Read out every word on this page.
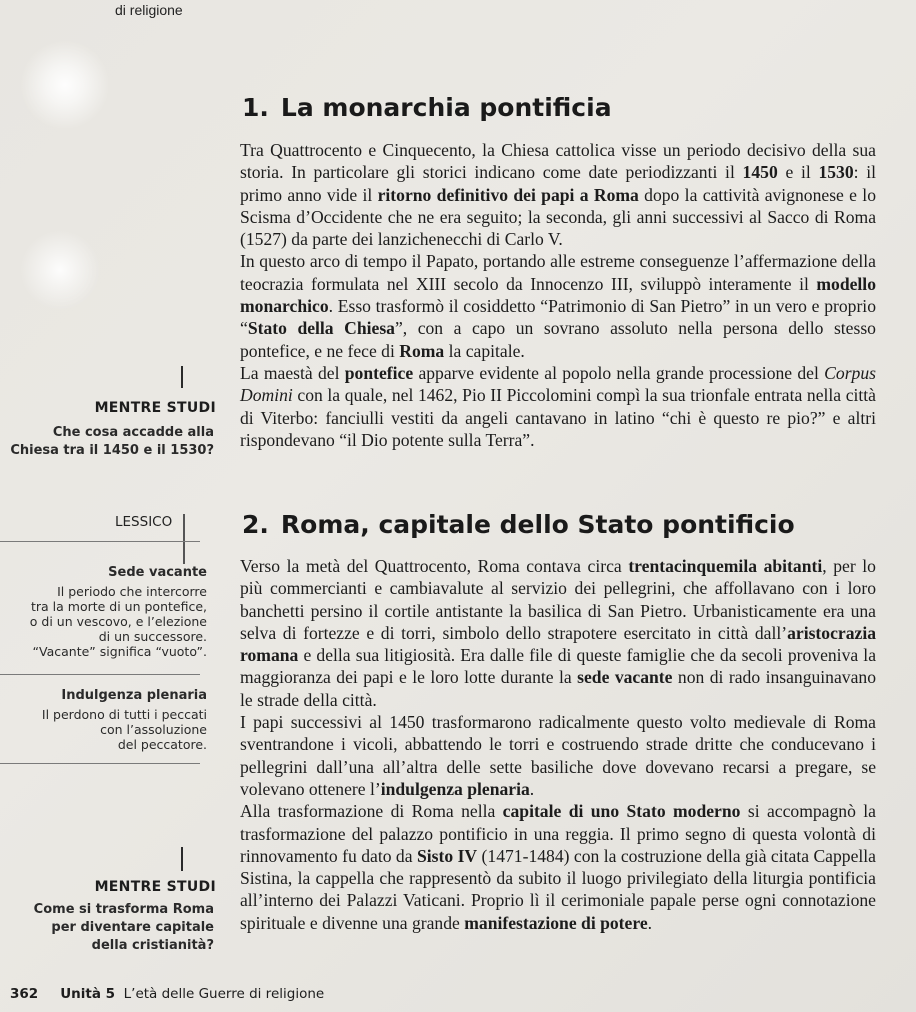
di religione
1. La monarchia pontificia

Tra Quattrocento e Cinquecento, la Chiesa cattolica visse un periodo decisivo della sua storia. In particolare gli storici indicano come date periodizzanti il 1450 e il 1530: il primo anno vide il ritorno definitivo dei papi a Roma dopo la cattività avignonese e lo Scisma d’Occidente che ne era seguito; la seconda, gli anni successivi al Sacco di Roma (1527) da parte dei lanzichenecchi di Carlo V.

In questo arco di tempo il Papato, portando alle estreme conseguenze l’affermazione della teocrazia formulata nel XIII secolo da Innocenzo III, sviluppò interamente il modello monarchico. Esso trasformò il cosiddetto “Patrimonio di San Pietro” in un vero e proprio “Stato della Chiesa”, con a capo un sovrano assoluto nella persona dello stesso pontefice, e ne fece di Roma la capitale.

La maestà del pontefice apparve evidente al popolo nella grande processione del Corpus Domini con la quale, nel 1462, Pio II Piccolomini compì la sua trionfale entrata nella città di Viterbo: fanciulli vestiti da angeli cantavano in latino “chi è questo re pio?” e altri rispondevano “il Dio potente sulla Terra”.

MENTRE STUDI
Che cosa accadde alla
Chiesa tra il 1450 e il 1530?
LESSICO
Sede vacante
Il periodo che intercorre
tra la morte di un pontefice,
o di un vescovo, e l’elezione
di un successore.
“Vacante” significa “vuoto”.
Indulgenza plenaria
Il perdono di tutti i peccati
con l’assoluzione
del peccatore.
2. Roma, capitale dello Stato pontificio

Verso la metà del Quattrocento, Roma contava circa trentacinquemila abitanti, per lo più commercianti e cambiavalute al servizio dei pellegrini, che affollavano con i loro banchetti persino il cortile antistante la basilica di San Pietro. Urbanisticamente era una selva di fortezze e di torri, simbolo dello strapotere esercitato in città dall’aristocrazia romana e della sua litigiosità. Era dalle file di queste famiglie che da secoli proveniva la maggioranza dei papi e le loro lotte durante la sede vacante non di rado insanguinavano le strade della città.

I papi successivi al 1450 trasformarono radicalmente questo volto medievale di Roma sventrandone i vicoli, abbattendo le torri e costruendo strade dritte che conducevano i pellegrini dall’una all’altra delle sette basiliche dove dovevano recarsi a pregare, se volevano ottenere l’indulgenza plenaria.

Alla trasformazione di Roma nella capitale di uno Stato moderno si accompagnò la trasformazione del palazzo pontificio in una reggia. Il primo segno di questa volontà di rinnovamento fu dato da Sisto IV (1471-1484) con la costruzione della già citata Cappella Sistina, la cappella che rappresentò da subito il luogo privilegiato della liturgia pontificia all’interno dei Palazzi Vaticani. Proprio lì il cerimoniale papale perse ogni connotazione spirituale e divenne una grande manifestazione di potere.

MENTRE STUDI
Come si trasforma Roma
per diventare capitale
della cristianità?
362 Unità 5 L’età delle Guerre di religione
